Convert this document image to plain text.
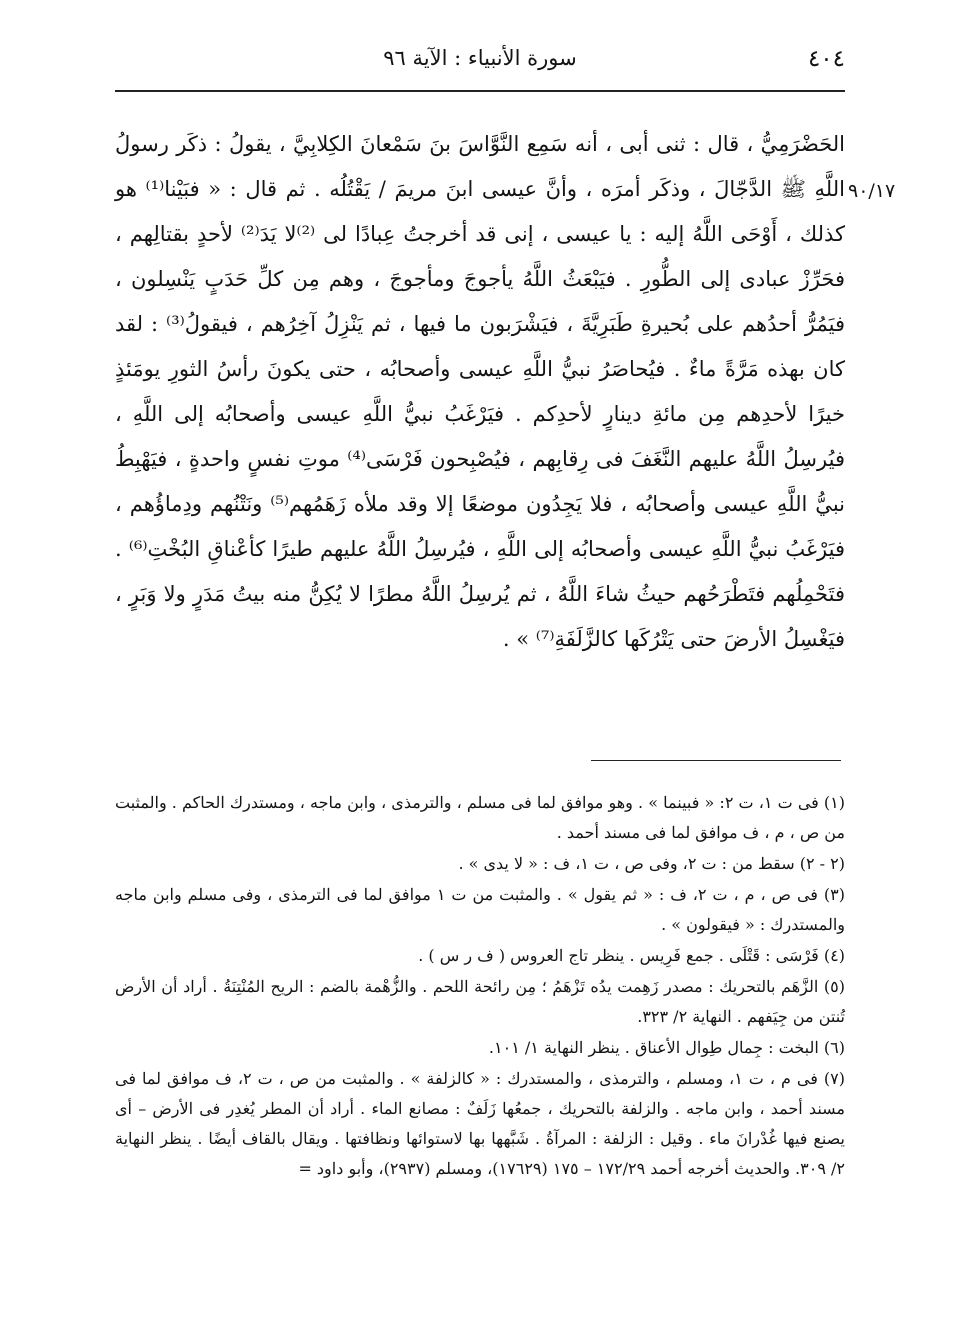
٤٠٤
سورة الأنبياء : الآية ٩٦
٩٠/١٧
الحَضْرَمِيُّ ، قال : ثنى أبى ، أنه سَمِع النَّوَّاسَ بنَ سَمْعانَ الكِلابِيَّ ، يقولُ : ذكَر رسولُ اللَّهِ ﷺ الدَّجّالَ ، وذكَر أمرَه ، وأنَّ عيسى ابنَ مريمَ / يَقْتُلُه . ثم قال : « فبَيْنا⁽¹⁾ هو كذلك ، أَوْحَى اللَّهُ إليه : يا عيسى ، إنى قد أخرجتُ عِبادًا لى ⁽²⁾لا يَدَ⁽²⁾ لأحدٍ بقتالِهم ، فحَرِّزْ عبادى إلى الطُّورِ . فيَبْعَثُ اللَّهُ يأجوجَ ومأجوجَ ، وهم مِن كلِّ حَدَبٍ يَنْسِلون ، فيَمُرُّ أحدُهم على بُحيرةِ طَبَرِيَّةَ ، فيَشْرَبون ما فيها ، ثم يَنْزِلُ آخِرُهم ، فيقولُ⁽³⁾ : لقد كان بهذه مَرَّةً ماءٌ . فيُحاصَرُ نبيُّ اللَّهِ عيسى وأصحابُه ، حتى يكونَ رأسُ الثورِ يومَئذٍ خيرًا لأحدِهم مِن مائةِ دينارٍ لأحدِكم . فيَرْغَبُ نبيُّ اللَّهِ عيسى وأصحابُه إلى اللَّهِ ، فيُرسِلُ اللَّهُ عليهم النَّغَفَ فى رِقابِهم ، فيُصْبِحون فَرْسَى⁽⁴⁾ موتِ نفسٍ واحدةٍ ، فيَهْبِطُ نبيُّ اللَّهِ عيسى وأصحابُه ، فلا يَجِدُون موضعًا إلا وقد ملأه زَهَمُهم⁽⁵⁾ ونَتْنُهم ودِماؤُهم ، فيَرْغَبُ نبيُّ اللَّهِ عيسى وأصحابُه إلى اللَّهِ ، فيُرسِلُ اللَّهُ عليهم طيرًا كأعْناقِ البُخْتِ⁽⁶⁾ . فتَحْمِلُهم فتَطْرَحُهم حيثُ شاءَ اللَّهُ ، ثم يُرسِلُ اللَّهُ مطرًا لا يُكِنُّ منه بيتُ مَدَرٍ ولا وَبَرٍ ، فيَغْسِلُ الأرضَ حتى يَتْرُكَها كالزَّلَفَةِ⁽⁷⁾ » .

(١) فى ت ١، ت ٢: « فبينما » . وهو موافق لما فى مسلم ، والترمذى ، وابن ماجه ، ومستدرك الحاكم . والمثبت من ص ، م ، ف موافق لما فى مسند أحمد .

(٢ - ٢) سقط من : ت ٢، وفى ص ، ت ١، ف : « لا يدى » .

(٣) فى ص ، م ، ت ٢، ف : « ثم يقول » . والمثبت من ت ١ موافق لما فى الترمذى ، وفى مسلم وابن ماجه والمستدرك : « فيقولون » .

(٤) فَرْسَى : قَتْلَى . جمع فَرِيس . ينظر تاج العروس ( ف ر س ) .

(٥) الزَّهَم بالتحريك : مصدر زَهِمت يدُه تَزْهَمُ ؛ مِن رائحة اللحم . والزُّهْمة بالضم : الريح المُنْتِنَةُ . أراد أن الأرض تُنتن من جِيَفهم . النهاية ٢/ ٣٢٣.

(٦) البخت : جِمال طِوال الأعناق . ينظر النهاية ١/ ١٠١.

(٧) فى م ، ت ١، ومسلم ، والترمذى ، والمستدرك : « كالزلفة » . والمثبت من ص ، ت ٢، ف موافق لما فى مسند أحمد ، وابن ماجه . والزلفة بالتحريك ، جمعُها زَلَفٌ : مصانع الماء . أراد أن المطر يُغدِر فى الأرض – أى يصنع فيها غُدْرانَ ماء . وقيل : الزلفة : المرآةُ . شَبَّهها بها لاستوائها ونظافتها . ويقال بالقاف أيضًا . ينظر النهاية ٢/ ٣٠٩. والحديث أخرجه أحمد ١٧٢/٢٩ – ١٧٥ (١٧٦٢٩)، ومسلم (٢٩٣٧)، وأبو داود =
